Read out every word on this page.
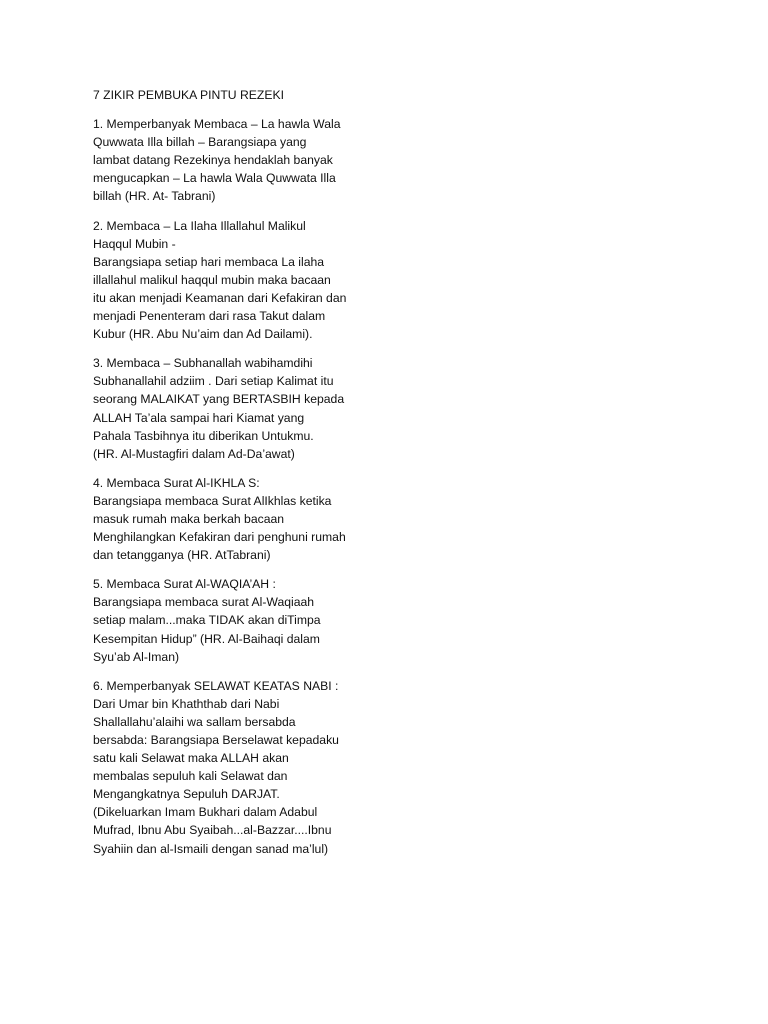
7 ZIKIR PEMBUKA PINTU REZEKI
1. Memperbanyak Membaca – La hawla Wala
Quwwata Illa billah – Barangsiapa yang
lambat datang Rezekinya hendaklah banyak
mengucapkan – La hawla Wala Quwwata Illa
billah (HR. At- Tabrani)
2. Membaca – La Ilaha Illallahul Malikul
Haqqul Mubin -
Barangsiapa setiap hari membaca La ilaha
illallahul malikul haqqul mubin maka bacaan
itu akan menjadi Keamanan dari Kefakiran dan
menjadi Penenteram dari rasa Takut dalam
Kubur (HR. Abu Nu’aim dan Ad Dailami).
3. Membaca – Subhanallah wabihamdihi
Subhanallahil adziim . Dari setiap Kalimat itu
seorang MALAIKAT yang BERTASBIH kepada
ALLAH Ta’ala sampai hari Kiamat yang
Pahala Tasbihnya itu diberikan Untukmu.
(HR. Al-Mustagfiri dalam Ad-Da’awat)
4. Membaca Surat Al-IKHLA S:
Barangsiapa membaca Surat AlIkhlas ketika
masuk rumah maka berkah bacaan
Menghilangkan Kefakiran dari penghuni rumah
dan tetangganya (HR. AtTabrani)
5. Membaca Surat Al-WAQIA’AH :
Barangsiapa membaca surat Al-Waqiaah
setiap malam...maka TIDAK akan diTimpa
Kesempitan Hidup” (HR. Al-Baihaqi dalam
Syu’ab Al-Iman)
6. Memperbanyak SELAWAT KEATAS NABI :
Dari Umar bin Khaththab dari Nabi
Shallallahu’alaihi wa sallam bersabda
bersabda: Barangsiapa Berselawat kepadaku
satu kali Selawat maka ALLAH akan
membalas sepuluh kali Selawat dan
Mengangkatnya Sepuluh DARJAT.
(Dikeluarkan Imam Bukhari dalam Adabul
Mufrad, Ibnu Abu Syaibah...al-Bazzar....Ibnu
Syahiin dan al-Ismaili dengan sanad ma’lul)
